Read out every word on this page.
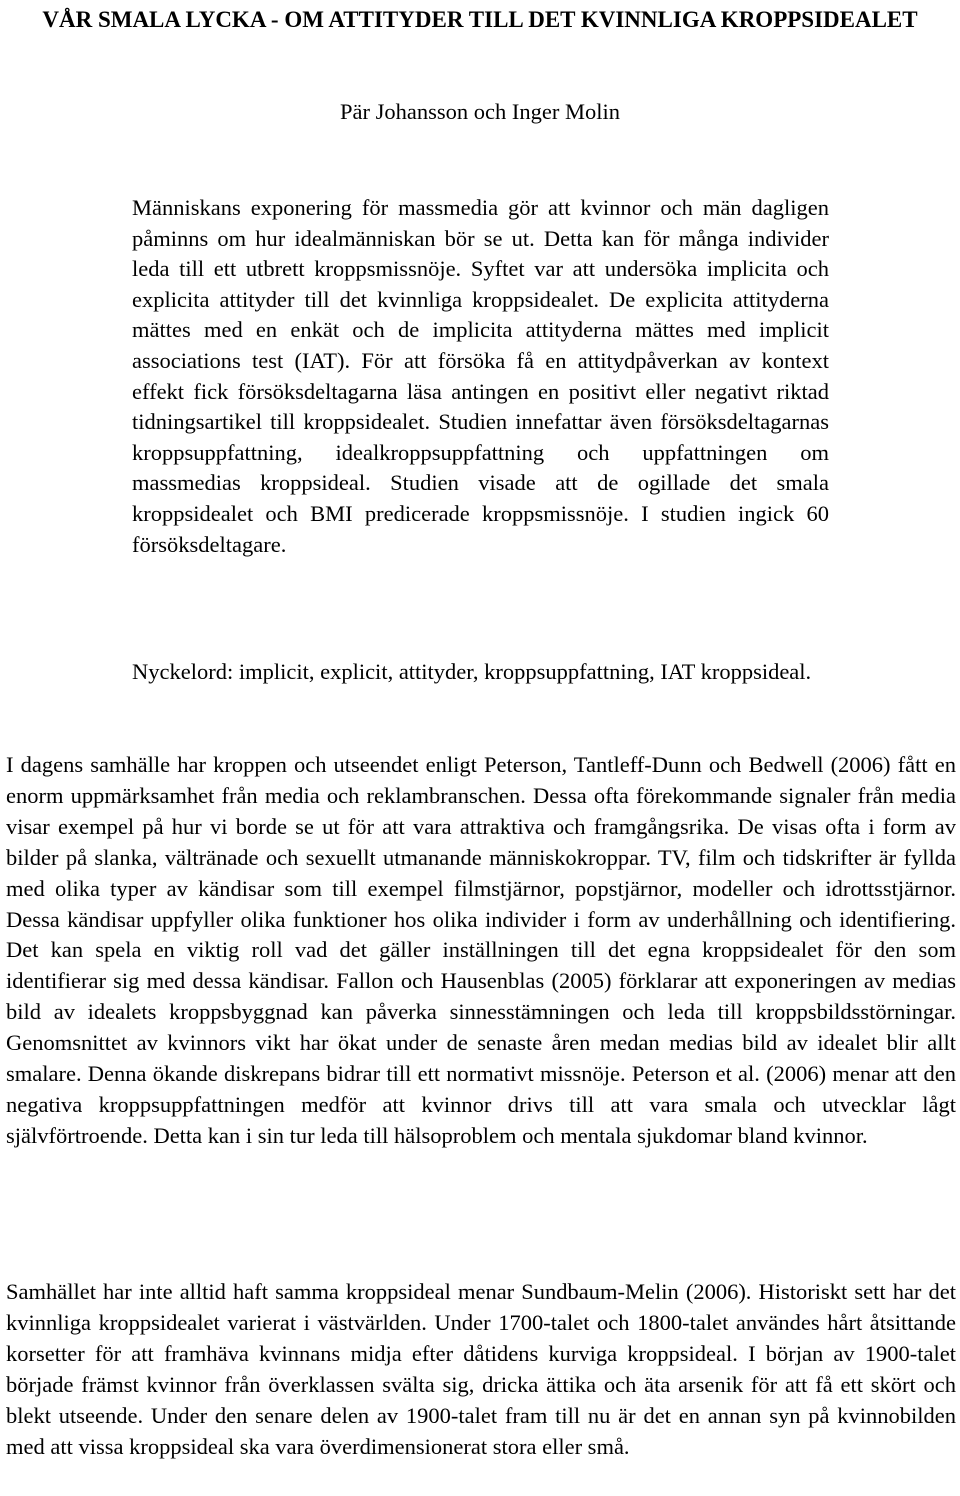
VÅR SMALA LYCKA - OM ATTITYDER TILL DET KVINNLIGA KROPPSIDEALET

Pär Johansson och Inger Molin

Människans exponering för massmedia gör att kvinnor och män dagligen påminns om hur idealmänniskan bör se ut. Detta kan för många individer leda till ett utbrett kroppsmissnöje. Syftet var att undersöka implicita och explicita attityder till det kvinnliga kroppsidealet. De explicita attityderna mättes med en enkät och de implicita attityderna mättes med implicit associations test (IAT). För att försöka få en attitydpåverkan av kontext effekt fick försöksdeltagarna läsa antingen en positivt eller negativt riktad tidningsartikel till kroppsidealet. Studien innefattar även försöksdeltagarnas kroppsuppfattning, idealkroppsuppfattning och uppfattningen om massmedias kroppsideal. Studien visade att de ogillade det smala kroppsidealet och BMI predicerade kroppsmissnöje. I studien ingick 60 försöksdeltagare.

Nyckelord: implicit, explicit, attityder, kroppsuppfattning, IAT kroppsideal.

I dagens samhälle har kroppen och utseendet enligt Peterson, Tantleff-Dunn och Bedwell (2006) fått en enorm uppmärksamhet från media och reklambranschen. Dessa ofta förekommande signaler från media visar exempel på hur vi borde se ut för att vara attraktiva och framgångsrika. De visas ofta i form av bilder på slanka, vältränade och sexuellt utmanande människokroppar. TV, film och tidskrifter är fyllda med olika typer av kändisar som till exempel filmstjärnor, popstjärnor, modeller och idrottsstjärnor. Dessa kändisar uppfyller olika funktioner hos olika individer i form av underhållning och identifiering. Det kan spela en viktig roll vad det gäller inställningen till det egna kroppsidealet för den som identifierar sig med dessa kändisar. Fallon och Hausenblas (2005) förklarar att exponeringen av medias bild av idealets kroppsbyggnad kan påverka sinnesstämningen och leda till kroppsbildsstörningar. Genomsnittet av kvinnors vikt har ökat under de senaste åren medan medias bild av idealet blir allt smalare. Denna ökande diskrepans bidrar till ett normativt missnöje. Peterson et al. (2006) menar att den negativa kroppsuppfattningen medför att kvinnor drivs till att vara smala och utvecklar lågt självförtroende. Detta kan i sin tur leda till hälsoproblem och mentala sjukdomar bland kvinnor.

Samhället har inte alltid haft samma kroppsideal menar Sundbaum-Melin (2006). Historiskt sett har det kvinnliga kroppsidealet varierat i västvärlden. Under 1700-talet och 1800-talet användes hårt åtsittande korsetter för att framhäva kvinnans midja efter dåtidens kurviga kroppsideal. I början av 1900-talet började främst kvinnor från överklassen svälta sig, dricka ättika och äta arsenik för att få ett skört och blekt utseende. Under den senare delen av 1900-talet fram till nu är det en annan syn på kvinnobilden med att vissa kroppsideal ska vara överdimensionerat stora eller små.
